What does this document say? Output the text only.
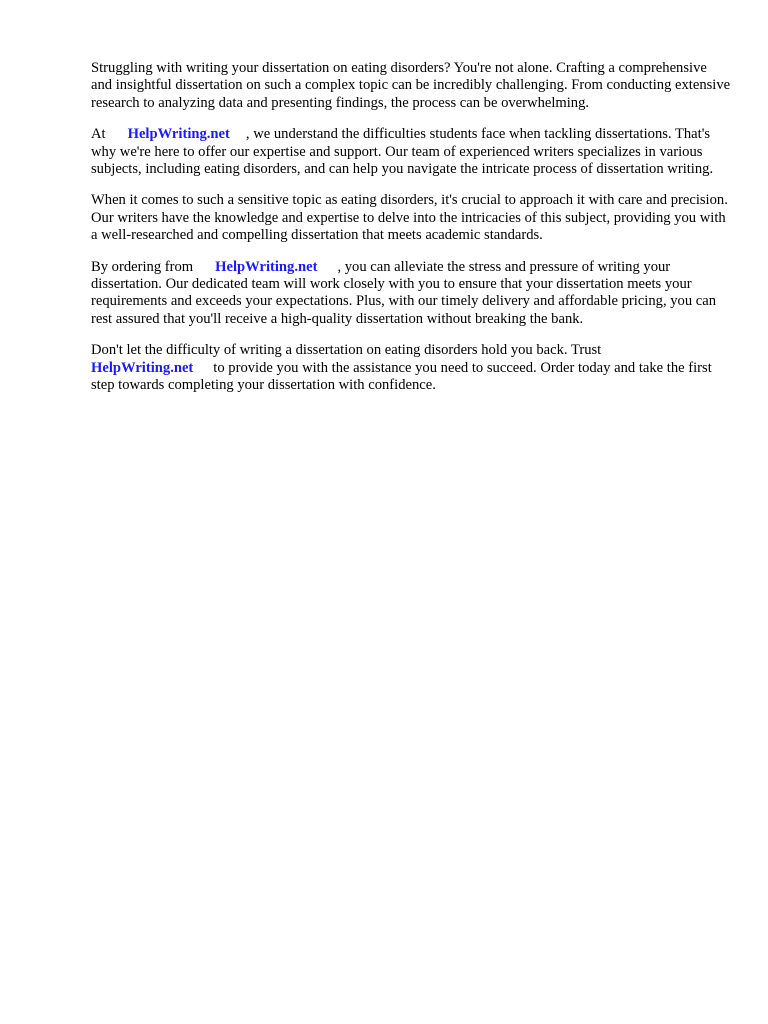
Struggling with writing your dissertation on eating disorders? You're not alone. Crafting a comprehensive and insightful dissertation on such a complex topic can be incredibly challenging. From conducting extensive research to analyzing data and presenting findings, the process can be overwhelming.

At HelpWriting.net , we understand the difficulties students face when tackling dissertations. That's why we're here to offer our expertise and support. Our team of experienced writers specializes in various subjects, including eating disorders, and can help you navigate the intricate process of dissertation writing.

When it comes to such a sensitive topic as eating disorders, it's crucial to approach it with care and precision. Our writers have the knowledge and expertise to delve into the intricacies of this subject, providing you with a well-researched and compelling dissertation that meets academic standards.

By ordering from HelpWriting.net , you can alleviate the stress and pressure of writing your dissertation. Our dedicated team will work closely with you to ensure that your dissertation meets your requirements and exceeds your expectations. Plus, with our timely delivery and affordable pricing, you can rest assured that you'll receive a high-quality dissertation without breaking the bank.

Don't let the difficulty of writing a dissertation on eating disorders hold you back. Trust
HelpWriting.net to provide you with the assistance you need to succeed. Order today and take the first step towards completing your dissertation with confidence.
